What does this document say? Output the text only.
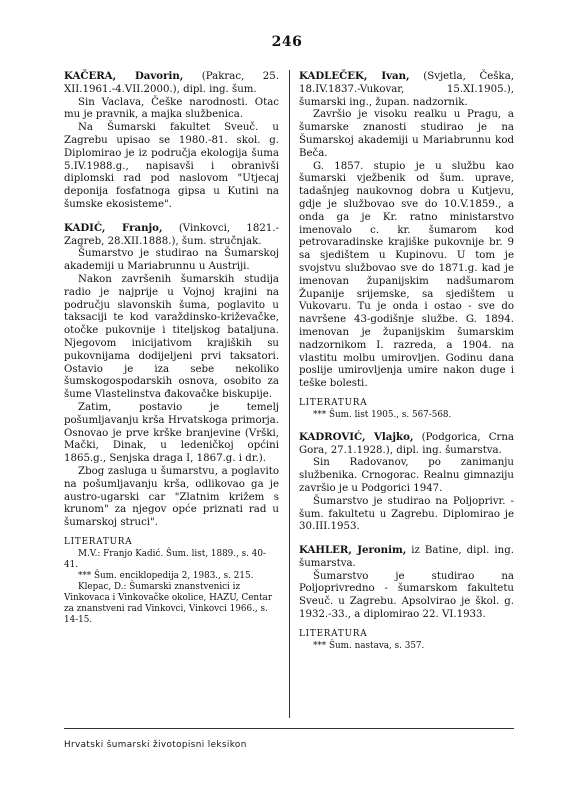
246

KAČERA, Davorin, (Pakrac, 25. XII.1961.-4.VII.2000.), dipl. ing. šum.

Sin Vaclava, Češke narodnosti. Otac mu je pravnik, a majka službenica.

Na Šumarski fakultet Sveuč. u Zagrebu upisao se 1980.-81. skol. g. Diplomirao je iz područja ekologija šuma 5.IV.1988.g., napisavši i obranivši diplomski rad pod naslovom "Utjecaj deponija fosfatnoga gipsa u Kutini na šumske ekosisteme".

KADIĆ, Franjo, (Vinkovci, 1821.-Zagreb, 28.XII.1888.), šum. stručnjak.

Šumarstvo je studirao na Šumarskoj akademiji u Mariabrunnu u Austriji.

Nakon završenih šumarskih studija radio je najprije u Vojnoj krajini na području slavonskih šuma, poglavito u taksaciji te kod varaždinsko-križevačke, otočke pukovnije i titelјskog bataljuna. Njegovom inicijativom krajiških su pukovnijama dodijeljeni prvi taksatori. Ostavio je iza sebe nekoliko šumskogospodarskih osnova, osobito za šume Vlastelinstva đakovačke biskupije.

Zatim, postavio je temelj pošumljavanju krša Hrvatskoga primorja. Osnovao je prve krške branjevine (Vrški, Mački, Dinak, u ledeničkoj općini 1865.g., Senjska draga I, 1867.g. i dr.).

Zbog zasluga u šumarstvu, a poglavito na pošumljavanju krša, odlikovao ga je austro-ugarski car "Zlatnim križem s krunom" za njegov opće priznati rad u šumarskoj struci".

LITERATURA

M.V.: Franjo Kadić. Šum. list, 1889., s. 40-41.

*** Šum. enciklopedija 2, 1983., s. 215.

Klepac, D.: Šumarski znanstvenici iz Vinkovaca i Vinkovačke okolice, HAZU, Centar za znanstveni rad Vinkovci, Vinkovci 1966., s. 14-15.

KADLEČEK, Ivan, (Svjetla, Češka, 18.IV.1837.-Vukovar, 15.XI.1905.), šumarski ing., župan. nadzornik.

Završio je visoku realku u Pragu, a šumarske znanosti studirao je na Šumarskoj akademiji u Mariabrunnu kod Beča.

G. 1857. stupio je u službu kao šumarski vježbenik od šum. uprave, tadašnjeg naukovnog dobra u Kutjevu, gdje je službovao sve do 10.V.1859., a onda ga je Kr. ratno ministarstvo imenovalo c. kr. šumarom kod petrovaradinske krajiške pukovnije br. 9 sa sjedištem u Kupinovu. U tom je svojstvu službovao sve do 1871.g. kad je imenovan županijskim nadšumarom Županije srijemske, sa sjedištem u Vukovaru. Tu je onda i ostao - sve do navršene 43-godišnje službe. G. 1894. imenovan je županijskim šumarskim nadzornikom I. razreda, a 1904. na vlastitu molbu umirovljen. Godinu dana poslije umirovljenja umire nakon duge i teške bolesti.

LITERATURA

*** Šum. list 1905., s. 567-568.

KADROVIĆ, Vlajko, (Podgorica, Crna Gora, 27.1.1928.), dipl. ing. šumarstva.

Sin Radovanov, po zanimanju službenika. Crnogorac. Realnu gimnaziju završio je u Podgorici 1947.

Šumarstvo je studirao na Poljoprivr. - šum. fakultetu u Zagrebu. Diplomirao je 30.III.1953.

KAHLER, Jeronim, iz Batine, dipl. ing. šumarstva.

Šumarstvo je studirao na Poljoprivredno - šumarskom fakultetu Sveuč. u Zagrebu. Apsolvirao je škol. g. 1932.-33., a diplomirao 22. VI.1933.

LITERATURA

*** Šum. nastava, s. 357.

Hrvatski šumarski životopisni leksikon
